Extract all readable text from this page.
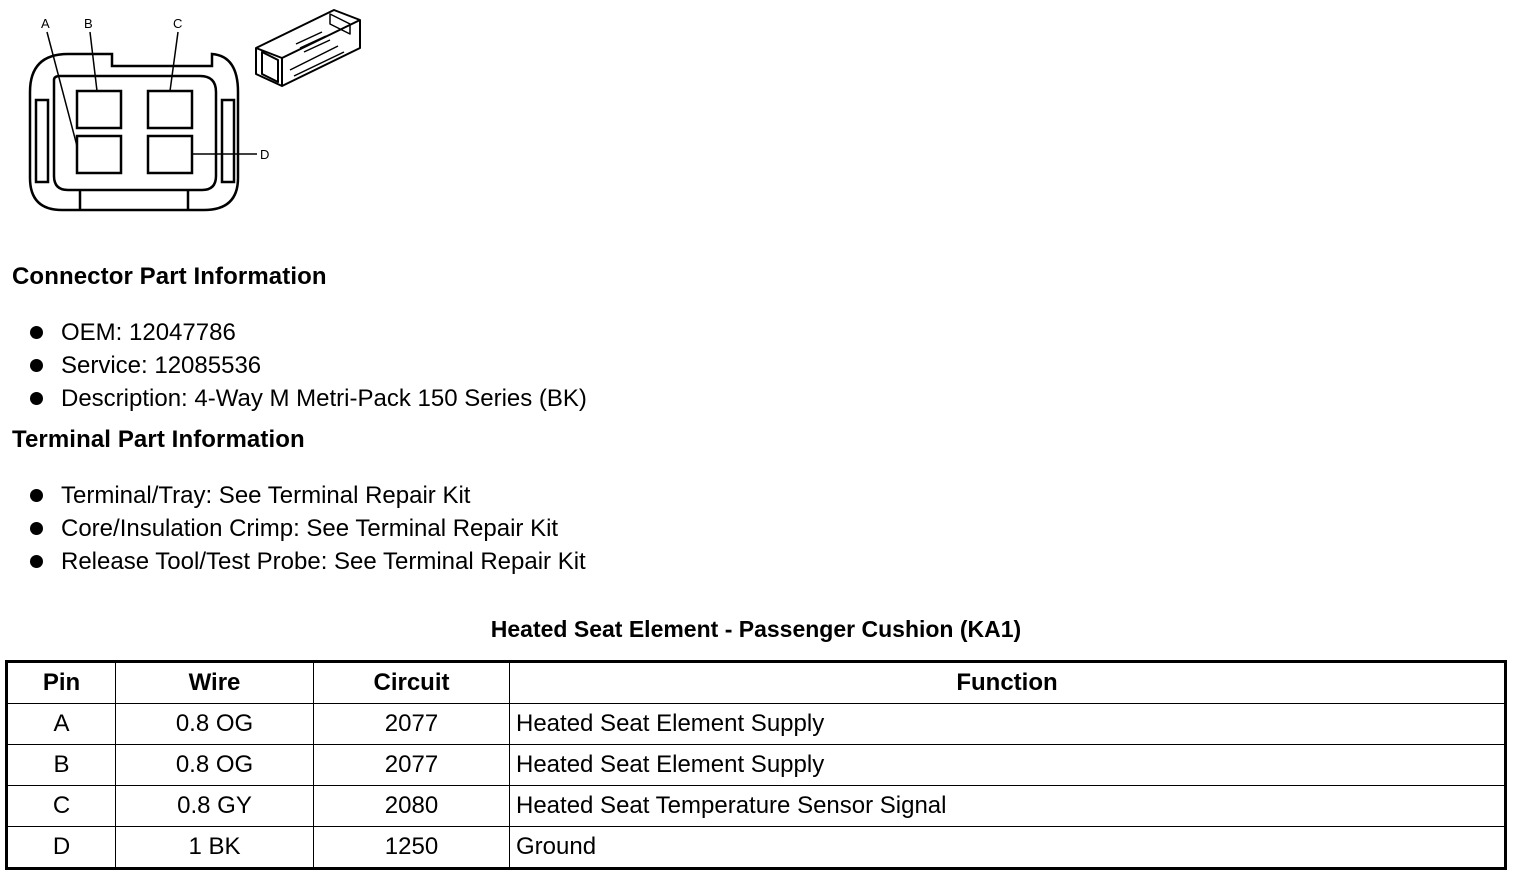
A	B	C
D
Connector Part Information
OEM: 12047786
Service: 12085536
Description: 4-Way M Metri-Pack 150 Series (BK)
Terminal Part Information
Terminal/Tray: See Terminal Repair Kit
Core/Insulation Crimp: See Terminal Repair Kit
Release Tool/Test Probe: See Terminal Repair Kit
Heated Seat Element - Passenger Cushion (KA1)
Pin	Wire	Circuit	Function
A	0.8 OG	2077	Heated Seat Element Supply
B	0.8 OG	2077	Heated Seat Element Supply
C	0.8 GY	2080	Heated Seat Temperature Sensor Signal
D	1 BK	1250	Ground
